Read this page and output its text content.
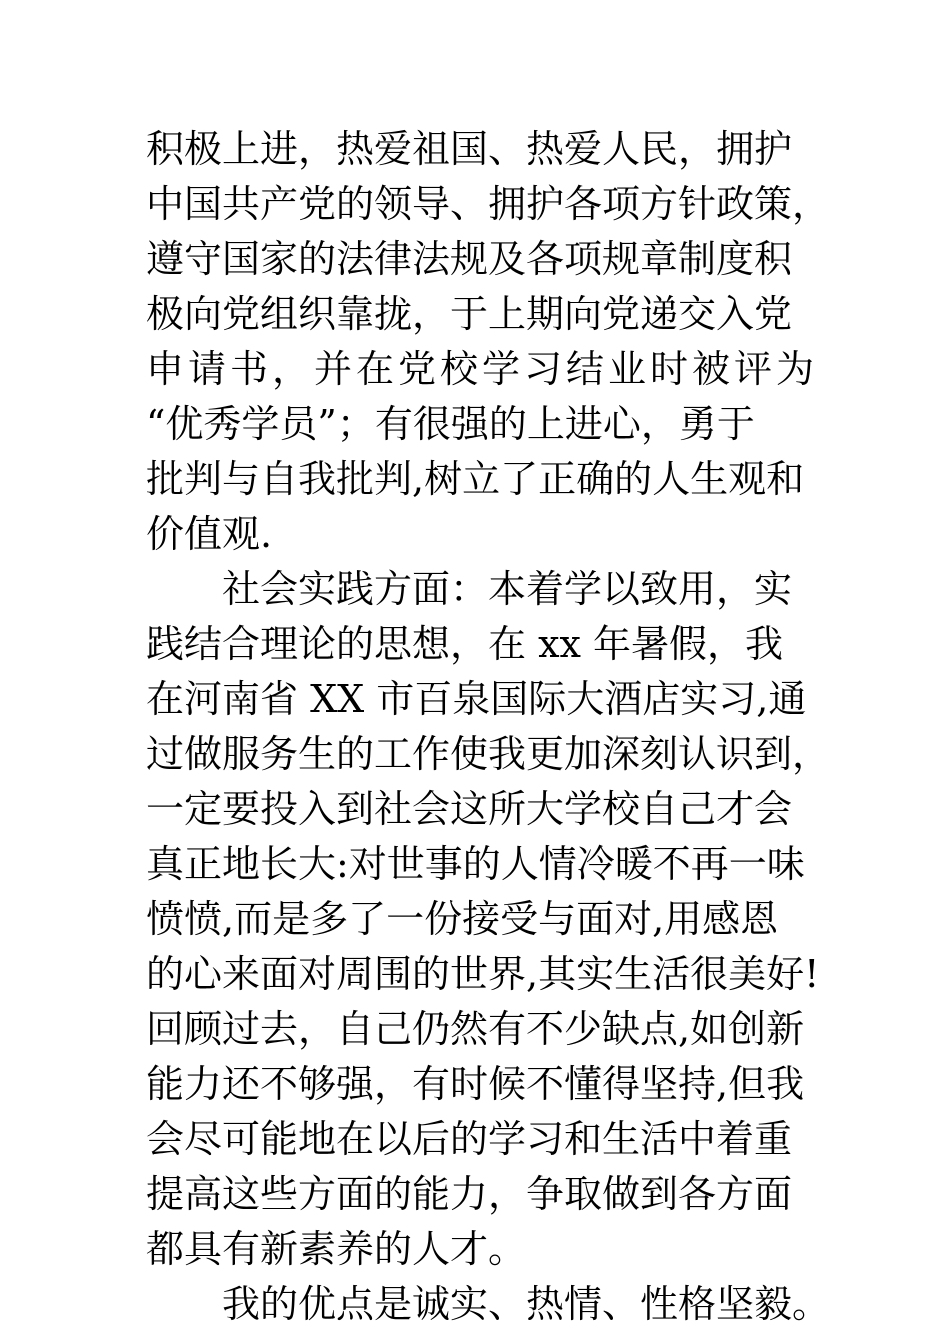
积极上进，热爱祖国、热爱人民，拥护
中国共产党的领导、拥护各项方针政策，
遵守国家的法律法规及各项规章制度积
极向党组织靠拢，于上期向党递交入党
申请书，并在党校学习结业时被评为
“优秀学员”；有很强的上进心，勇于
批判与自我批判,树立了正确的人生观和
价值观.
社会实践方面：本着学以致用，实
践结合理论的思想，在 xx 年暑假，我
在河南省 XX 市百泉国际大酒店实习,通
过做服务生的工作使我更加深刻认识到，
一定要投入到社会这所大学校自己才会
真正地长大:对世事的人情冷暖不再一味
愤愤,而是多了一份接受与面对,用感恩
的心来面对周围的世界,其实生活很美好!
回顾过去，自己仍然有不少缺点,如创新
能力还不够强，有时候不懂得坚持,但我
会尽可能地在以后的学习和生活中着重
提高这些方面的能力，争取做到各方面
都具有新素养的人才。
我的优点是诚实、热情、性格坚毅。
